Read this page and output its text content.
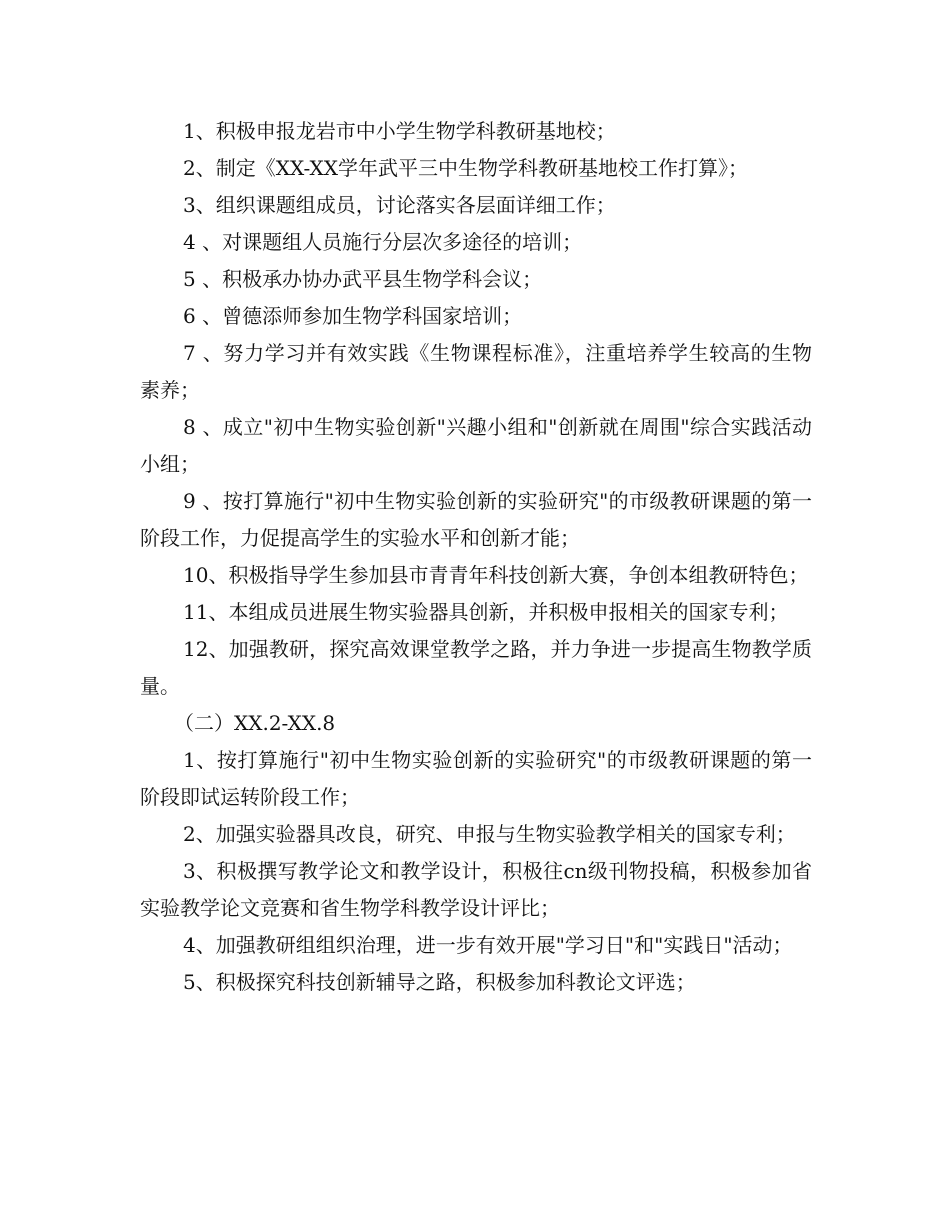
1、积极申报龙岩市中小学生物学科教研基地校；

2、制定《XX-XX学年武平三中生物学科教研基地校工作打算》；

3、组织课题组成员，讨论落实各层面详细工作；

4 、对课题组人员施行分层次多途径的培训；

5 、积极承办协办武平县生物学科会议；

6 、曾德添师参加生物学科国家培训；

7 、努力学习并有效实践《生物课程标准》，注重培养学生较高的生物素养；

8 、成立"初中生物实验创新"兴趣小组和"创新就在周围"综合实践活动小组；

9 、按打算施行"初中生物实验创新的实验研究"的市级教研课题的第一阶段工作，力促提高学生的实验水平和创新才能；

10、积极指导学生参加县市青青年科技创新大赛，争创本组教研特色；

11、本组成员进展生物实验器具创新，并积极申报相关的国家专利；

12、加强教研，探究高效课堂教学之路，并力争进一步提高生物教学质量。

（二）XX.2-XX.8

1、按打算施行"初中生物实验创新的实验研究"的市级教研课题的第一阶段即试运转阶段工作；

2、加强实验器具改良，研究、申报与生物实验教学相关的国家专利；

3、积极撰写教学论文和教学设计，积极往cn级刊物投稿，积极参加省实验教学论文竞赛和省生物学科教学设计评比；

4、加强教研组组织治理，进一步有效开展"学习日"和"实践日"活动；

5、积极探究科技创新辅导之路，积极参加科教论文评选；
